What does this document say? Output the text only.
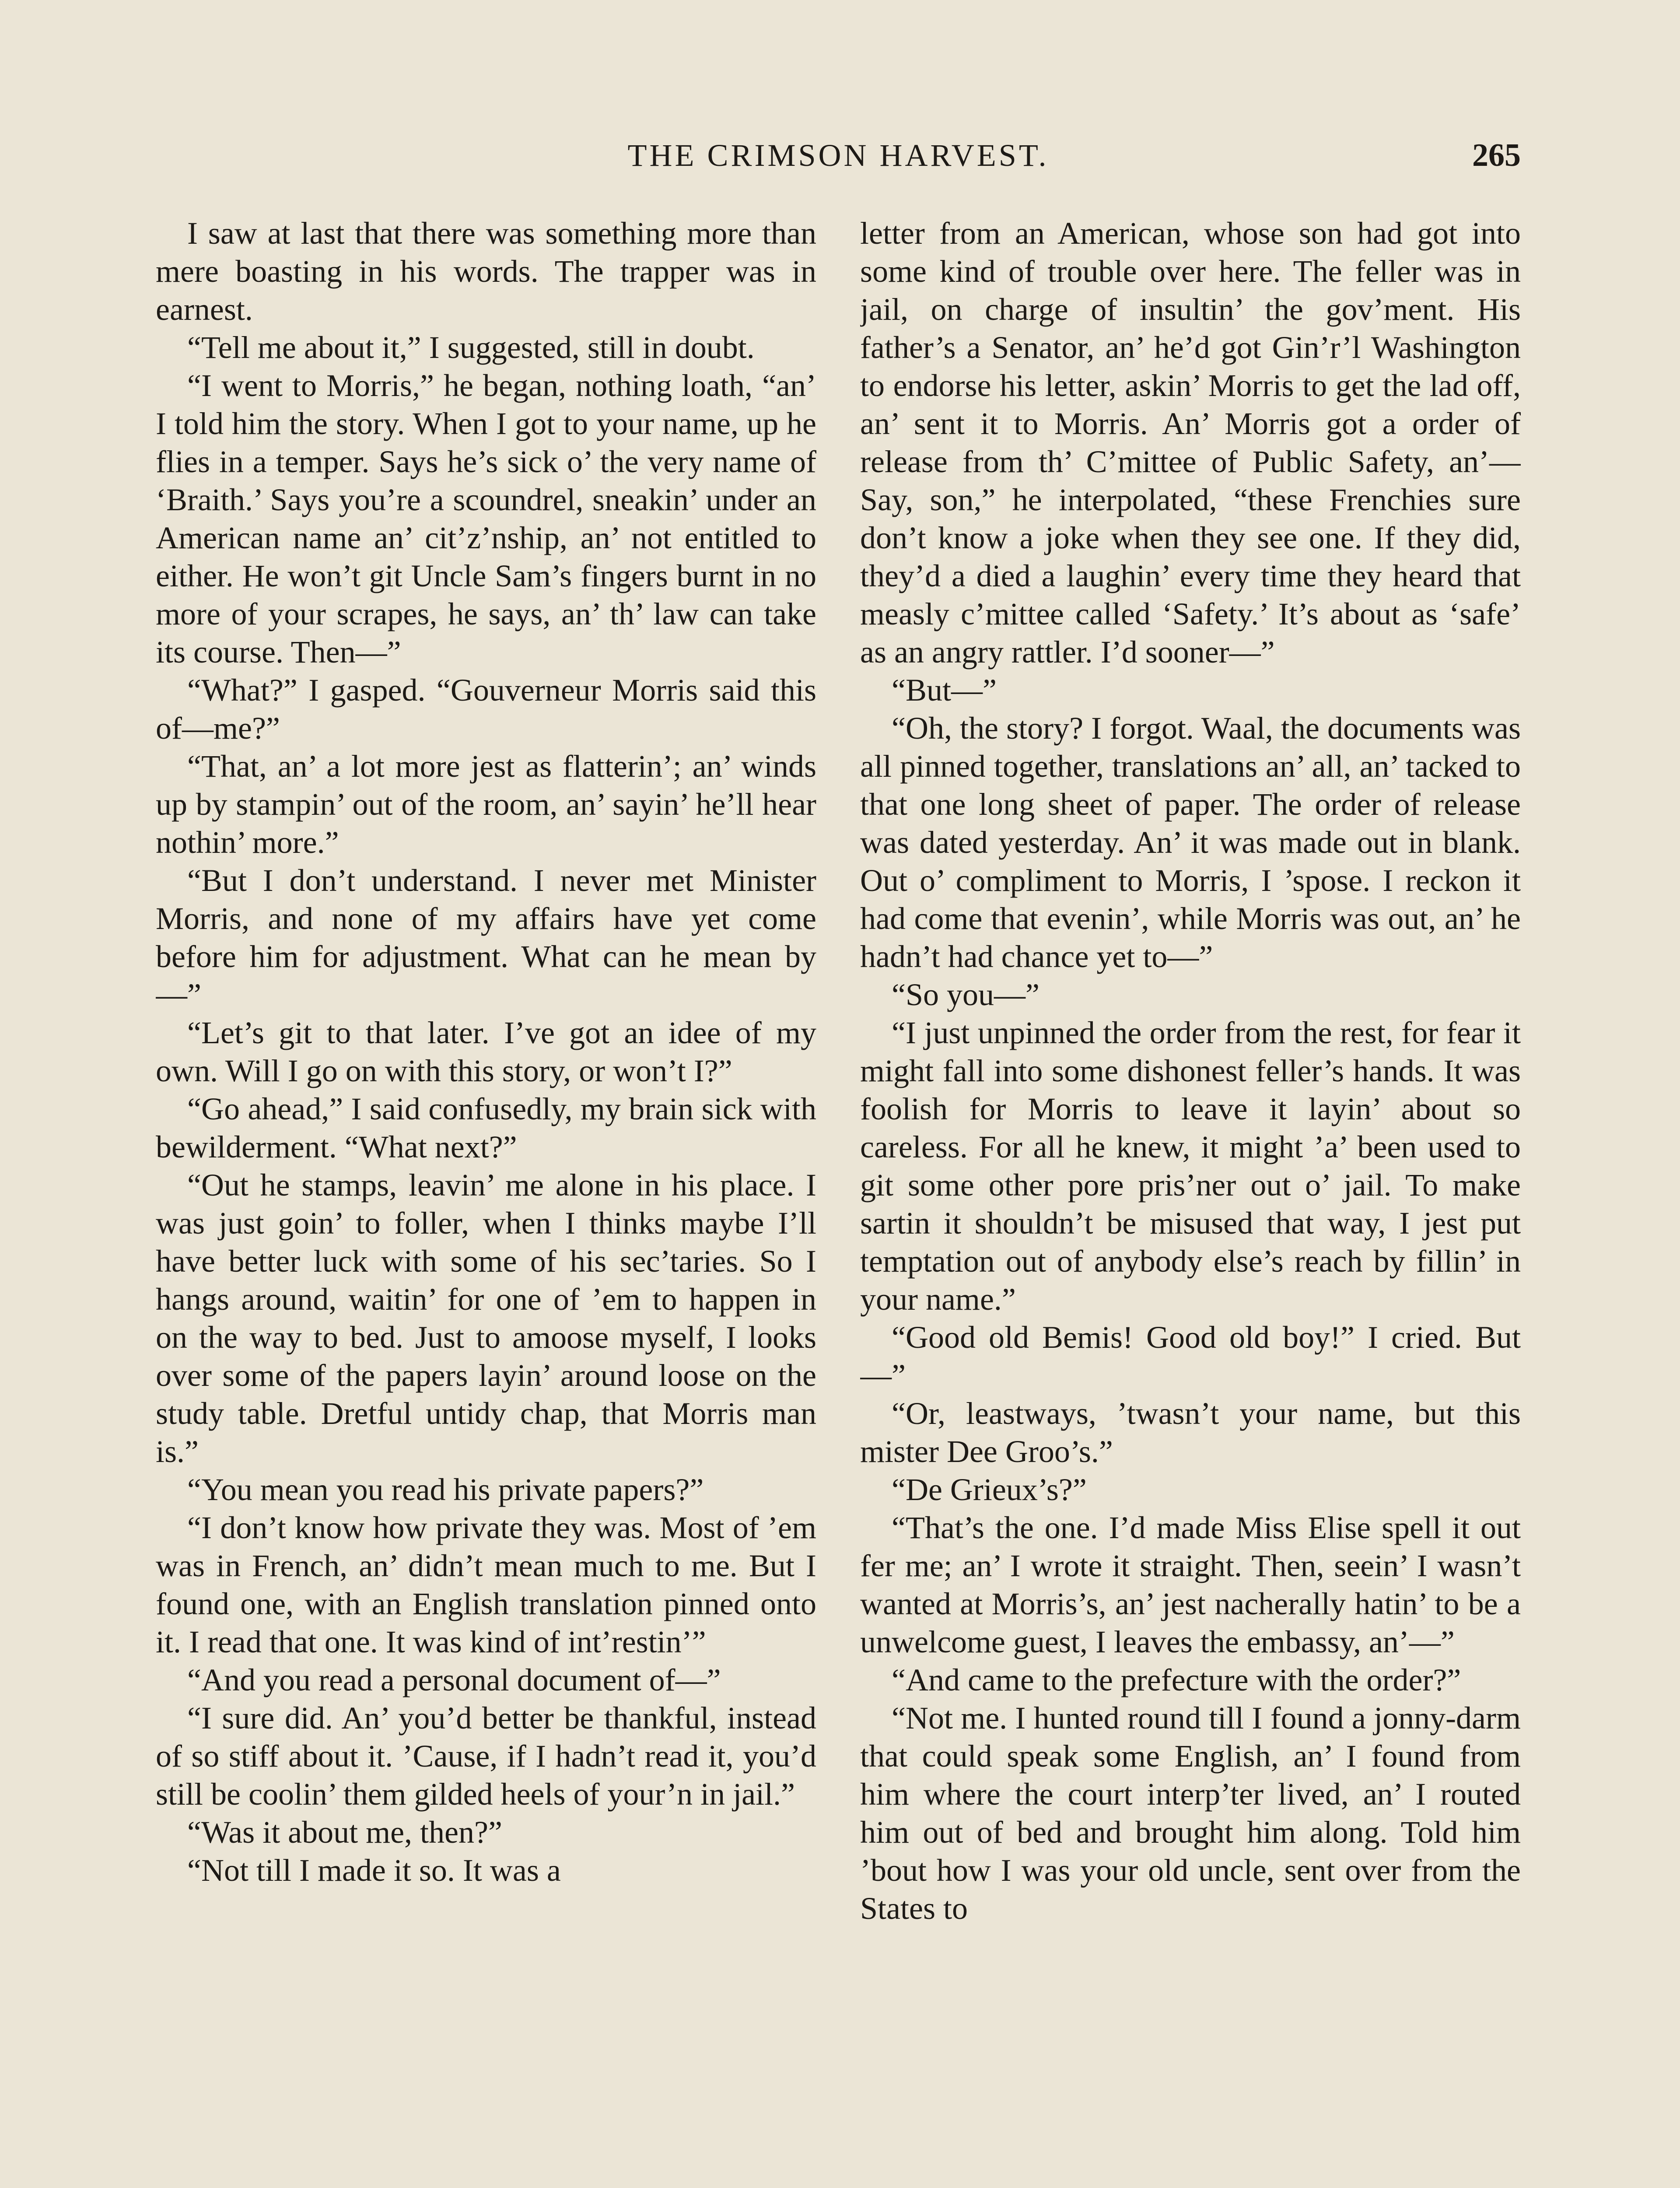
THE CRIMSON HARVEST.	265

I saw at last that there was something more than mere boasting in his words. The trapper was in earnest.

“Tell me about it,” I suggested, still in doubt.

“I went to Morris,” he began, nothing loath, “an’ I told him the story. When I got to your name, up he flies in a temper. Says he’s sick o’ the very name of ‘Braith.’ Says you’re a scoundrel, sneakin’ under an American name an’ cit’z’nship, an’ not entitled to either. He won’t git Uncle Sam’s fingers burnt in no more of your scrapes, he says, an’ th’ law can take its course. Then—”

“What?” I gasped. “Gouverneur Morris said this of—me?”

“That, an’ a lot more jest as flatterin’; an’ winds up by stampin’ out of the room, an’ sayin’ he’ll hear nothin’ more.”

“But I don’t understand. I never met Minister Morris, and none of my affairs have yet come before him for adjustment. What can he mean by—”

“Let’s git to that later. I’ve got an idee of my own. Will I go on with this story, or won’t I?”

“Go ahead,” I said confusedly, my brain sick with bewilderment. “What next?”

“Out he stamps, leavin’ me alone in his place. I was just goin’ to foller, when I thinks maybe I’ll have better luck with some of his sec’taries. So I hangs around, waitin’ for one of ’em to happen in on the way to bed. Just to amoose myself, I looks over some of the papers layin’ around loose on the study table. Dretful untidy chap, that Morris man is.”

“You mean you read his private papers?”

“I don’t know how private they was. Most of ’em was in French, an’ didn’t mean much to me. But I found one, with an English translation pinned onto it. I read that one. It was kind of int’restin’”

“And you read a personal document of—”

“I sure did. An’ you’d better be thankful, instead of so stiff about it. ’Cause, if I hadn’t read it, you’d still be coolin’ them gilded heels of your’n in jail.”

“Was it about me, then?”

“Not till I made it so. It was a

letter from an American, whose son had got into some kind of trouble over here. The feller was in jail, on charge of insultin’ the gov’ment. His father’s a Senator, an’ he’d got Gin’r’l Washington to endorse his letter, askin’ Morris to get the lad off, an’ sent it to Morris. An’ Morris got a order of release from th’ C’mittee of Public Safety, an’— Say, son,” he interpolated, “these Frenchies sure don’t know a joke when they see one. If they did, they’d a died a laughin’ every time they heard that measly c’mittee called ‘Safety.’ It’s about as ‘safe’ as an angry rattler. I’d sooner—”

“But—”

“Oh, the story? I forgot. Waal, the documents was all pinned together, translations an’ all, an’ tacked to that one long sheet of paper. The order of release was dated yesterday. An’ it was made out in blank. Out o’ compliment to Morris, I ’spose. I reckon it had come that evenin’, while Morris was out, an’ he hadn’t had chance yet to—”

“So you—”

“I just unpinned the order from the rest, for fear it might fall into some dishonest feller’s hands. It was foolish for Morris to leave it layin’ about so careless. For all he knew, it might ’a’ been used to git some other pore pris’ner out o’ jail. To make sartin it shouldn’t be misused that way, I jest put temptation out of anybody else’s reach by fillin’ in your name.”

“Good old Bemis! Good old boy!” I cried. But—”

“Or, leastways, ’twasn’t your name, but this mister Dee Groo’s.”

“De Grieux’s?”

“That’s the one. I’d made Miss Elise spell it out fer me; an’ I wrote it straight. Then, seein’ I wasn’t wanted at Morris’s, an’ jest nacherally hatin’ to be a unwelcome guest, I leaves the embassy, an’—”

“And came to the prefecture with the order?”

“Not me. I hunted round till I found a jonny-darm that could speak some English, an’ I found from him where the court interp’ter lived, an’ I routed him out of bed and brought him along. Told him ’bout how I was your old uncle, sent over from the States to
